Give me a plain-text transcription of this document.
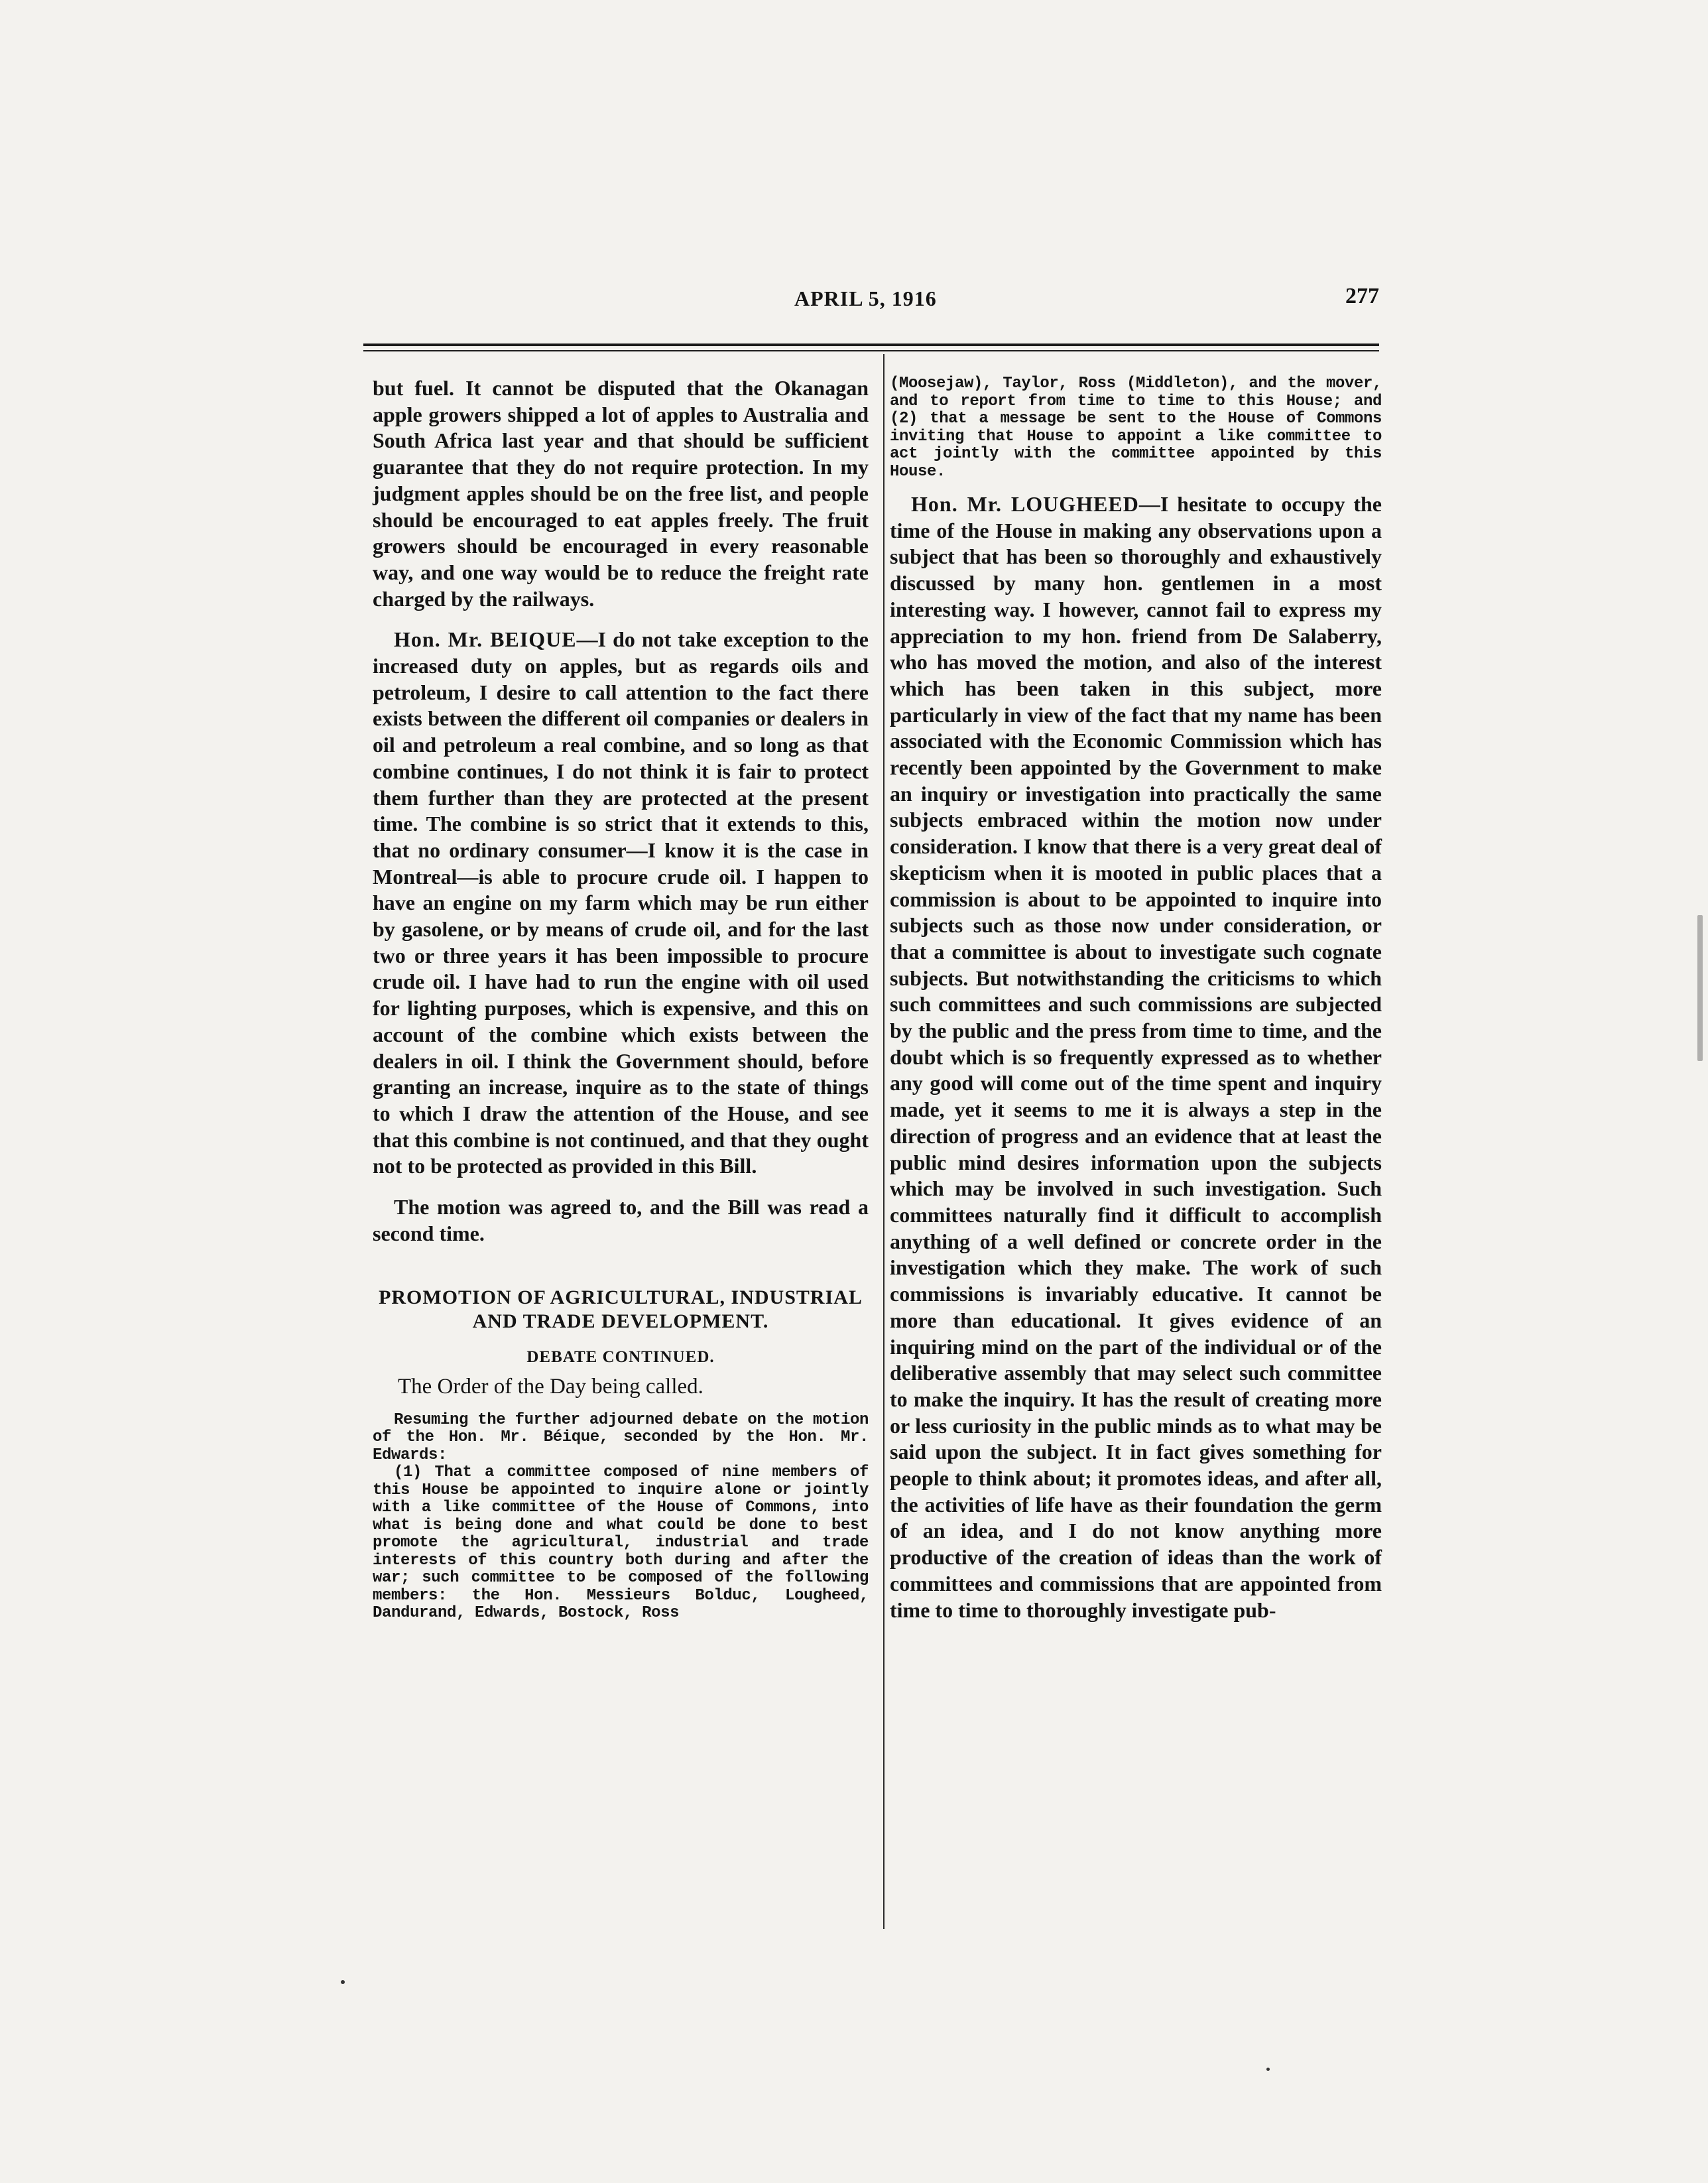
APRIL 5, 1916	277

but fuel. It cannot be disputed that the Okanagan apple growers shipped a lot of apples to Australia and South Africa last year and that should be sufficient guarantee that they do not require protection. In my judgment apples should be on the free list, and people should be encouraged to eat apples freely. The fruit growers should be encouraged in every reasonable way, and one way would be to reduce the freight rate charged by the railways.

Hon. Mr. BEIQUE—I do not take exception to the increased duty on apples, but as regards oils and petroleum, I desire to call attention to the fact there exists between the different oil companies or dealers in oil and petroleum a real combine, and so long as that combine continues, I do not think it is fair to protect them further than they are protected at the present time. The combine is so strict that it extends to this, that no ordinary consumer—I know it is the case in Montreal—is able to procure crude oil. I happen to have an engine on my farm which may be run either by gasolene, or by means of crude oil, and for the last two or three years it has been impossible to procure crude oil. I have had to run the engine with oil used for lighting purposes, which is expensive, and this on account of the combine which exists between the dealers in oil. I think the Government should, before granting an increase, inquire as to the state of things to which I draw the attention of the House, and see that this combine is not continued, and that they ought not to be protected as provided in this Bill.

The motion was agreed to, and the Bill was read a second time.

PROMOTION OF AGRICULTURAL, INDUSTRIAL AND TRADE DEVELOPMENT.
DEBATE CONTINUED.

The Order of the Day being called.

Resuming the further adjourned debate on the motion of the Hon. Mr. Béique, seconded by the Hon. Mr. Edwards:

(1) That a committee composed of nine members of this House be appointed to inquire alone or jointly with a like committee of the House of Commons, into what is being done and what could be done to best promote the agricultural, industrial and trade interests of this country both during and after the war; such committee to be composed of the following members: the Hon. Messieurs Bolduc, Lougheed, Dandurand, Edwards, Bostock, Ross

(Moosejaw), Taylor, Ross (Middleton), and the mover, and to report from time to time to this House; and (2) that a message be sent to the House of Commons inviting that House to appoint a like committee to act jointly with the committee appointed by this House.

Hon. Mr. LOUGHEED—I hesitate to occupy the time of the House in making any observations upon a subject that has been so thoroughly and exhaustively discussed by many hon. gentlemen in a most interesting way. I however, cannot fail to express my appreciation to my hon. friend from De Salaberry, who has moved the motion, and also of the interest which has been taken in this subject, more particularly in view of the fact that my name has been associated with the Economic Commission which has recently been appointed by the Government to make an inquiry or investigation into practically the same subjects embraced within the motion now under consideration. I know that there is a very great deal of skepticism when it is mooted in public places that a commission is about to be appointed to inquire into subjects such as those now under consideration, or that a committee is about to investigate such cognate subjects. But notwithstanding the criticisms to which such committees and such commissions are subjected by the public and the press from time to time, and the doubt which is so frequently expressed as to whether any good will come out of the time spent and inquiry made, yet it seems to me it is always a step in the direction of progress and an evidence that at least the public mind desires information upon the subjects which may be involved in such investigation. Such committees naturally find it difficult to accomplish anything of a well defined or concrete order in the investigation which they make. The work of such commissions is invariably educative. It cannot be more than educational. It gives evidence of an inquiring mind on the part of the individual or of the deliberative assembly that may select such committee to make the inquiry. It has the result of creating more or less curiosity in the public minds as to what may be said upon the subject. It in fact gives something for people to think about; it promotes ideas, and after all, the activities of life have as their foundation the germ of an idea, and I do not know anything more productive of the creation of ideas than the work of committees and commissions that are appointed from time to time to thoroughly investigate pub-
